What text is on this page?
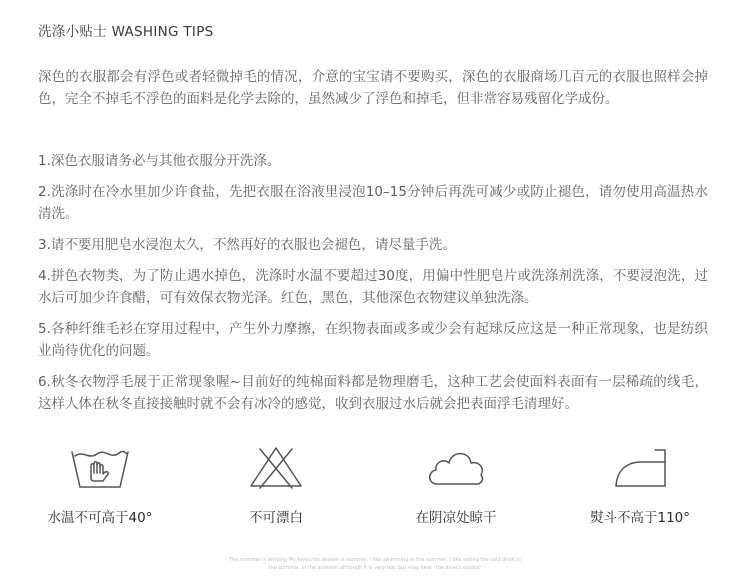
洗涤小贴士 WASHING TIPS
深色的衣服都会有浮色或者轻微掉毛的情况，介意的宝宝请不要购买，深色的衣服商场几百元的衣服也照样会掉色，完全不掉毛不浮色的面料是化学去除的，虽然减少了浮色和掉毛，但非常容易残留化学成份。
1.深色衣服请务必与其他衣服分开洗涤。
2.洗涤时在冷水里加少许食盐，先把衣服在浴液里浸泡10–15分钟后再洗可减少或防止褪色，请勿使用高温热水清洗。
3.请不要用肥皂水浸泡太久，不然再好的衣服也会褪色，请尽量手洗。
4.拼色衣物类，为了防止遇水掉色，洗涤时水温不要超过30度，用偏中性肥皂片或洗涤剂洗涤，不要浸泡洗，过水后可加少许食醋，可有效保衣物光泽。红色，黑色，其他深色衣物建议单独洗涤。
5.各种纤维毛衫在穿用过程中，产生外力摩擦，在织物表面或多或少会有起球反应这是一种正常现象，也是纺织业尚待优化的问题。
6.秋冬衣物浮毛展于正常现象喔~目前好的纯棉面料都是物理磨毛，这种工艺会使面料表面有一层稀疏的线毛，这样人体在秋冬直接接触时就不会有冰冷的感觉，收到衣服过水后就会把表面浮毛清理好。
水温不可高于40°	不可漂白	在阴凉处晾干	熨斗不高于110°
The summer is arriving My favourite season is summer. I like swimming in the summer, I like eating the cold drink in
the summer. In the summer although it is very hot, but may hear "the insect sonata"
